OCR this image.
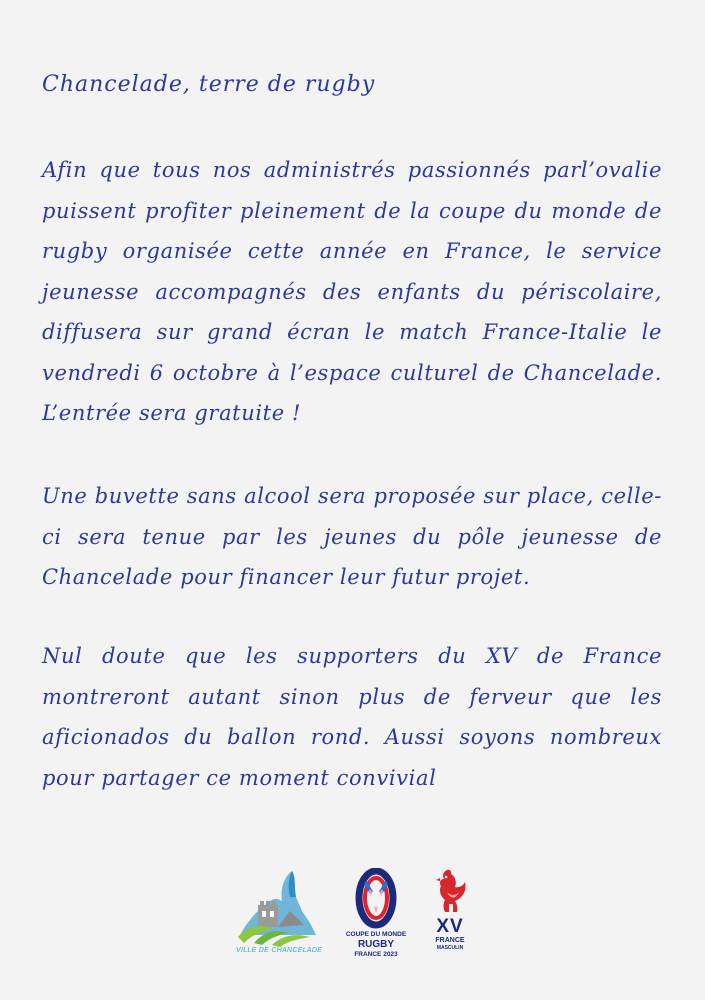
Chancelade, terre de rugby

Afin que tous nos administrés passionnés parl’ovalie puissent profiter pleinement de la coupe du monde de rugby organisée cette année en France, le service jeunesse accompagnés des enfants du périscolaire, diffusera sur grand écran le match France-Italie le vendredi 6 octobre à l’espace culturel de Chancelade. L’entrée sera gratuite !

Une buvette sans alcool sera proposée sur place, celle-ci sera tenue par les jeunes du pôle jeunesse de Chancelade pour financer leur futur projet.

Nul doute que les supporters du XV de France montreront autant sinon plus de ferveur que les aficionados du ballon rond. Aussi soyons nombreux pour partager ce moment convivial

VILLE DE CHANCELADE
COUPE DU MONDE
RUGBY
FRANCE 2023
XV
FRANCE
MASCULIN
